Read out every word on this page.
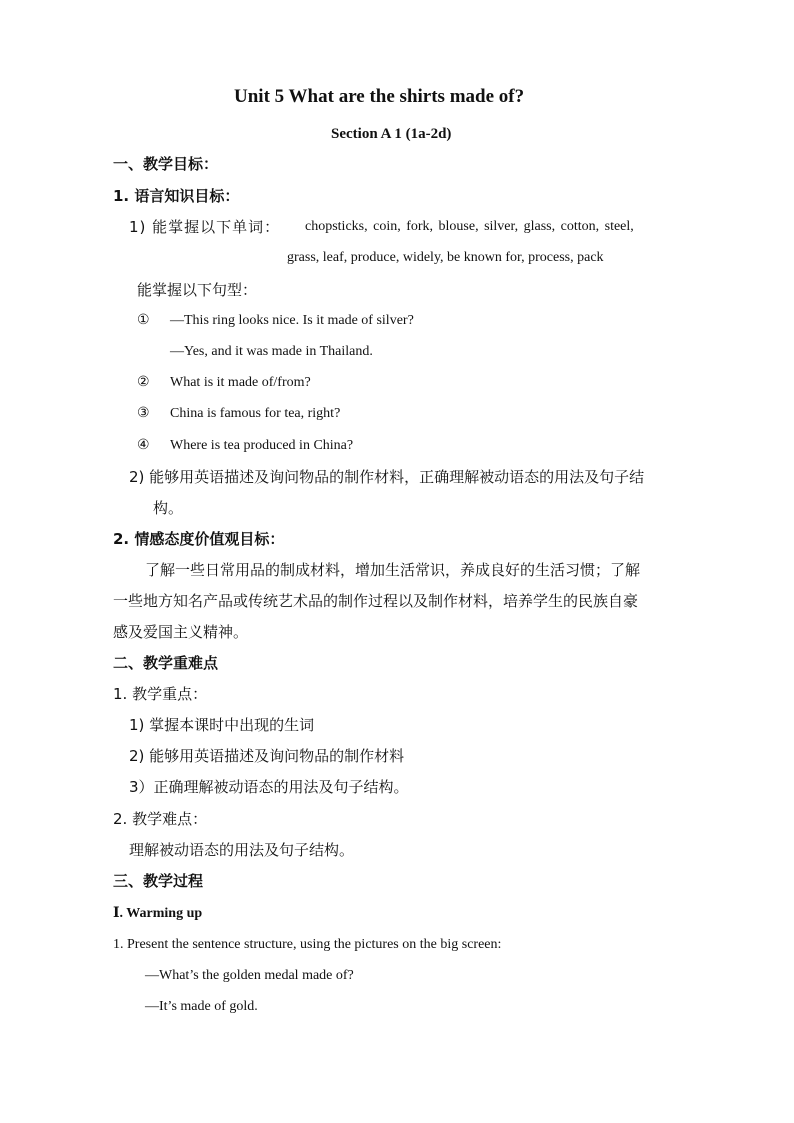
Unit 5 What are the shirts made of?
Section A 1 (1a-2d)
一、教学目标：
1. 语言知识目标：
1) 能掌握以下单词： chopsticks, coin, fork, blouse, silver, glass, cotton, steel,
grass, leaf, produce, widely, be known for, process, pack
能掌握以下句型：
① —This ring looks nice. Is it made of silver?
—Yes, and it was made in Thailand.
② What is it made of/from?
③ China is famous for tea, right?
④ Where is tea produced in China?
2) 能够用英语描述及询问物品的制作材料，正确理解被动语态的用法及句子结
构。
2. 情感态度价值观目标：
了解一些日常用品的制成材料，增加生活常识，养成良好的生活习惯；了解
一些地方知名产品或传统艺术品的制作过程以及制作材料，培养学生的民族自豪
感及爱国主义精神。
二、教学重难点
1. 教学重点：
1) 掌握本课时中出现的生词
2) 能够用英语描述及询问物品的制作材料
3）正确理解被动语态的用法及句子结构。
2. 教学难点：
理解被动语态的用法及句子结构。
三、教学过程
Ⅰ. Warming up
1. Present the sentence structure, using the pictures on the big screen:
—What’s the golden medal made of?
—It’s made of gold.
